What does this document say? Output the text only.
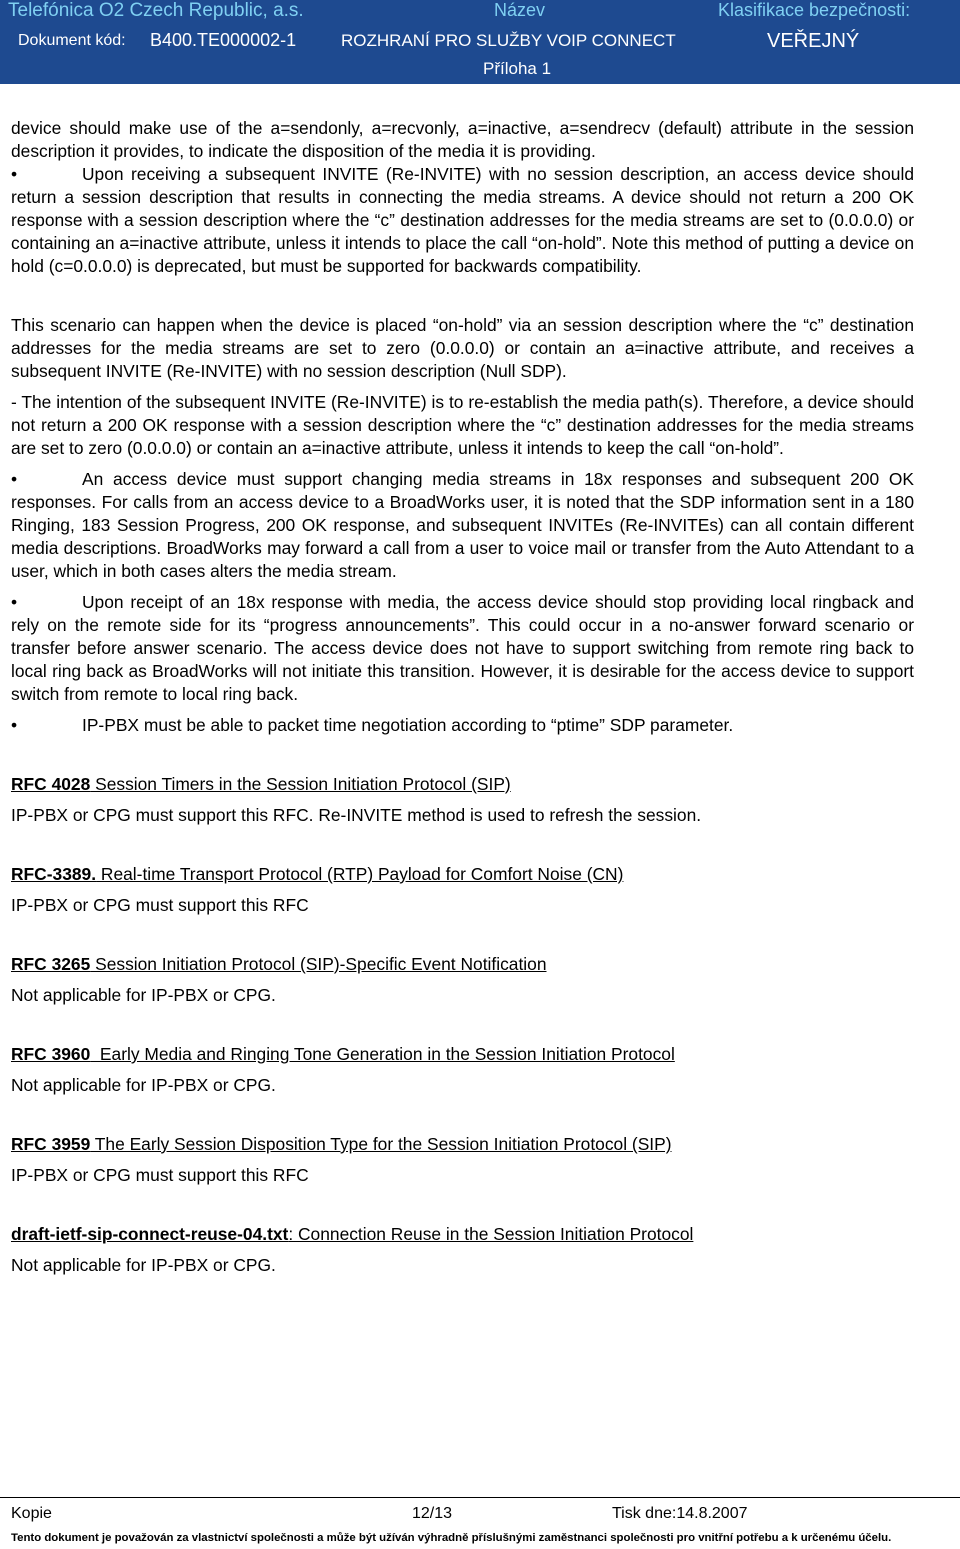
Telefónica O2 Czech Republic, a.s.	Název	Klasifikace bezpečnosti:
Dokument kód: B400.TE000002-1	ROZHRANÍ PRO SLUŽBY VOIP CONNECT	VEŘEJNÝ
Příloha 1

device should make use of the a=sendonly, a=recvonly, a=inactive, a=sendrecv (default) attribute in the session description it provides, to indicate the disposition of the media it is providing.

•	Upon receiving a subsequent INVITE (Re-INVITE) with no session description, an access device should return a session description that results in connecting the media streams. A device should not return a 200 OK response with a session description where the “c” destination addresses for the media streams are set to (0.0.0.0) or containing an a=inactive attribute, unless it intends to place the call “on-hold”. Note this method of putting a device on hold (c=0.0.0.0) is deprecated, but must be supported for backwards compatibility.

This scenario can happen when the device is placed “on-hold” via an session description where the “c” destination addresses for the media streams are set to zero (0.0.0.0) or contain an a=inactive attribute, and receives a subsequent INVITE (Re-INVITE) with no session description (Null SDP).

- The intention of the subsequent INVITE (Re-INVITE) is to re-establish the media path(s). Therefore, a device should not return a 200 OK response with a session description where the “c” destination addresses for the media streams are set to zero (0.0.0.0) or contain an a=inactive attribute, unless it intends to keep the call “on-hold”.

•	An access device must support changing media streams in 18x responses and subsequent 200 OK responses. For calls from an access device to a BroadWorks user, it is noted that the SDP information sent in a 180 Ringing, 183 Session Progress, 200 OK response, and subsequent INVITEs (Re-INVITEs) can all contain different media descriptions. BroadWorks may forward a call from a user to voice mail or transfer from the Auto Attendant to a user, which in both cases alters the media stream.

•	Upon receipt of an 18x response with media, the access device should stop providing local ringback and rely on the remote side for its “progress announcements”. This could occur in a no-answer forward scenario or transfer before answer scenario. The access device does not have to support switching from remote ring back to local ring back as BroadWorks will not initiate this transition. However, it is desirable for the access device to support switch from remote to local ring back.

•	IP-PBX must be able to packet time negotiation according to “ptime” SDP parameter.

RFC 4028 Session Timers in the Session Initiation Protocol (SIP)

IP-PBX or CPG must support this RFC. Re-INVITE method is used to refresh the session.

RFC-3389. Real-time Transport Protocol (RTP) Payload for Comfort Noise (CN)

IP-PBX or CPG must support this RFC

RFC 3265 Session Initiation Protocol (SIP)-Specific Event Notification

Not applicable for IP-PBX or CPG.

RFC 3960  Early Media and Ringing Tone Generation in the Session Initiation Protocol

Not applicable for IP-PBX or CPG.

RFC 3959 The Early Session Disposition Type for the Session Initiation Protocol (SIP)

IP-PBX or CPG must support this RFC

draft-ietf-sip-connect-reuse-04.txt: Connection Reuse in the Session Initiation Protocol

Not applicable for IP-PBX or CPG.

Kopie	12/13	Tisk dne:14.8.2007
Tento dokument je považován za vlastnictví společnosti a může být užíván výhradně příslušnými zaměstnanci společnosti pro vnitřní potřebu a k určenému účelu.
